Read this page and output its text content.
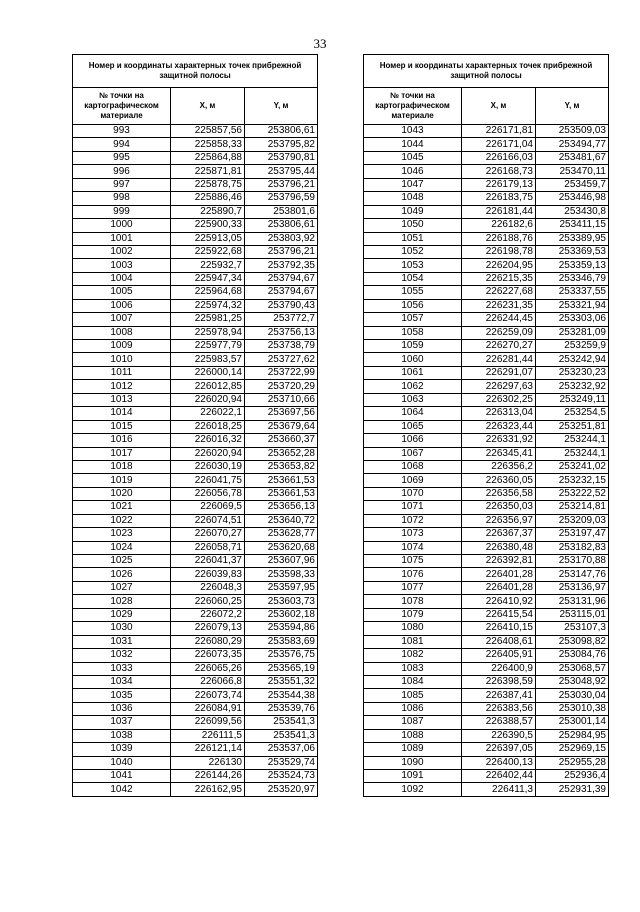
33
Номер и координаты характерных точек прибрежной защитной полосы		
№ точки на картографическом материале	X, м	Y, м
993	225857,56	253806,61
994	225858,33	253795,82
995	225864,88	253790,81
996	225871,81	253795,44
997	225878,75	253796,21
998	225886,46	253796,59
999	225890,7	253801,6
1000	225900,33	253806,61
1001	225913,05	253803,92
1002	225922,68	253796,21
1003	225932,7	253792,35
1004	225947,34	253794,67
1005	225964,68	253794,67
1006	225974,32	253790,43
1007	225981,25	253772,7
1008	225978,94	253756,13
1009	225977,79	253738,79
1010	225983,57	253727,62
1011	226000,14	253722,99
1012	226012,85	253720,29
1013	226020,94	253710,66
1014	226022,1	253697,56
1015	226018,25	253679,64
1016	226016,32	253660,37
1017	226020,94	253652,28
1018	226030,19	253653,82
1019	226041,75	253661,53
1020	226056,78	253661,53
1021	226069,5	253656,13
1022	226074,51	253640,72
1023	226070,27	253628,77
1024	226058,71	253620,68
1025	226041,37	253607,96
1026	226039,83	253598,33
1027	226048,3	253597,95
1028	226060,25	253603,73
1029	226072,2	253602,18
1030	226079,13	253594,86
1031	226080,29	253583,69
1032	226073,35	253576,75
1033	226065,26	253565,19
1034	226066,8	253551,32
1035	226073,74	253544,38
1036	226084,91	253539,76
1037	226099,56	253541,3
1038	226111,5	253541,3
1039	226121,14	253537,06
1040	226130	253529,74
1041	226144,26	253524,73
1042	226162,95	253520,97
Номер и координаты характерных точек прибрежной защитной полосы		
№ точки на картографическом материале	X, м	Y, м
1043	226171,81	253509,03
1044	226171,04	253494,77
1045	226166,03	253481,67
1046	226168,73	253470,11
1047	226179,13	253459,7
1048	226183,75	253446,98
1049	226181,44	253430,8
1050	226182,6	253411,15
1051	226188,76	253389,95
1052	226198,78	253369,53
1053	226204,95	253359,13
1054	226215,35	253346,79
1055	226227,68	253337,55
1056	226231,35	253321,94
1057	226244,45	253303,06
1058	226259,09	253281,09
1059	226270,27	253259,9
1060	226281,44	253242,94
1061	226291,07	253230,23
1062	226297,63	253232,92
1063	226302,25	253249,11
1064	226313,04	253254,5
1065	226323,44	253251,81
1066	226331,92	253244,1
1067	226345,41	253244,1
1068	226356,2	253241,02
1069	226360,05	253232,15
1070	226356,58	253222,52
1071	226350,03	253214,81
1072	226356,97	253209,03
1073	226367,37	253197,47
1074	226380,48	253182,83
1075	226392,81	253170,88
1076	226401,28	253147,76
1077	226401,28	253136,97
1078	226410,92	253131,96
1079	226415,54	253115,01
1080	226410,15	253107,3
1081	226408,61	253098,82
1082	226405,91	253084,76
1083	226400,9	253068,57
1084	226398,59	253048,92
1085	226387,41	253030,04
1086	226383,56	253010,38
1087	226388,57	253001,14
1088	226390,5	252984,95
1089	226397,05	252969,15
1090	226400,13	252955,28
1091	226402,44	252936,4
1092	226411,3	252931,39
